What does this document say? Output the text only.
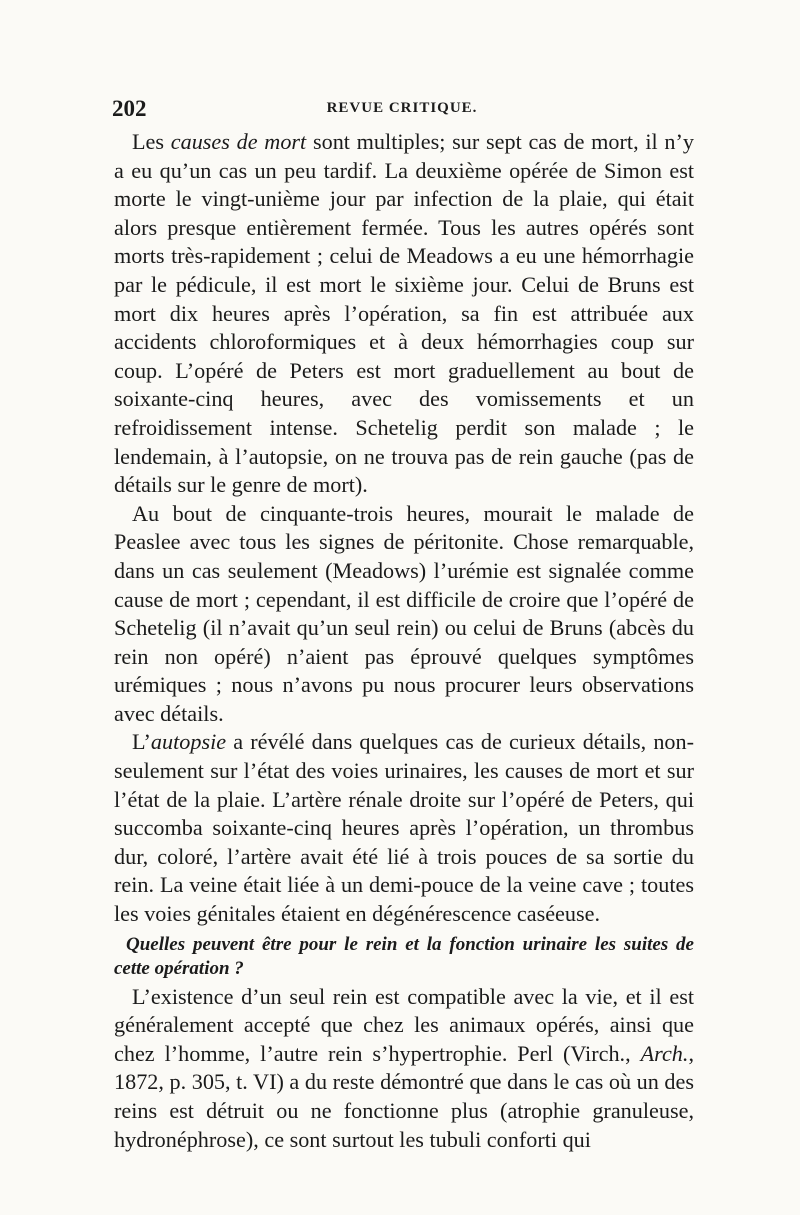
202	REVUE CRITIQUE.

Les causes de mort sont multiples; sur sept cas de mort, il n’y a eu qu’un cas un peu tardif. La deuxième opérée de Simon est morte le vingt-unième jour par infection de la plaie, qui était alors presque entièrement fermée. Tous les autres opérés sont morts très-rapidement ; celui de Meadows a eu une hémorrhagie par le pédicule, il est mort le sixième jour. Celui de Bruns est mort dix heures après l’opération, sa fin est attribuée aux accidents chloroformiques et à deux hémorrhagies coup sur coup. L’opéré de Peters est mort graduellement au bout de soixante-cinq heures, avec des vomissements et un refroidissement intense. Schetelig perdit son malade ; le lendemain, à l’autopsie, on ne trouva pas de rein gauche (pas de détails sur le genre de mort).

Au bout de cinquante-trois heures, mourait le malade de Peaslee avec tous les signes de péritonite. Chose remarquable, dans un cas seulement (Meadows) l’urémie est signalée comme cause de mort ; cependant, il est difficile de croire que l’opéré de Schetelig (il n’avait qu’un seul rein) ou celui de Bruns (abcès du rein non opéré) n’aient pas éprouvé quelques symptômes urémiques ; nous n’avons pu nous procurer leurs observations avec détails.

L’autopsie a révélé dans quelques cas de curieux détails, non-seulement sur l’état des voies urinaires, les causes de mort et sur l’état de la plaie. L’artère rénale droite sur l’opéré de Peters, qui succomba soixante-cinq heures après l’opération, un thrombus dur, coloré, l’artère avait été lié à trois pouces de sa sortie du rein. La veine était liée à un demi-pouce de la veine cave ; toutes les voies génitales étaient en dégénérescence caséeuse.

Quelles peuvent être pour le rein et la fonction urinaire les suites de cette opération ?

L’existence d’un seul rein est compatible avec la vie, et il est généralement accepté que chez les animaux opérés, ainsi que chez l’homme, l’autre rein s’hypertrophie. Perl (Virch., Arch., 1872, p. 305, t. VI) a du reste démontré que dans le cas où un des reins est détruit ou ne fonctionne plus (atrophie granuleuse, hydronéphrose), ce sont surtout les tubuli conforti qui
